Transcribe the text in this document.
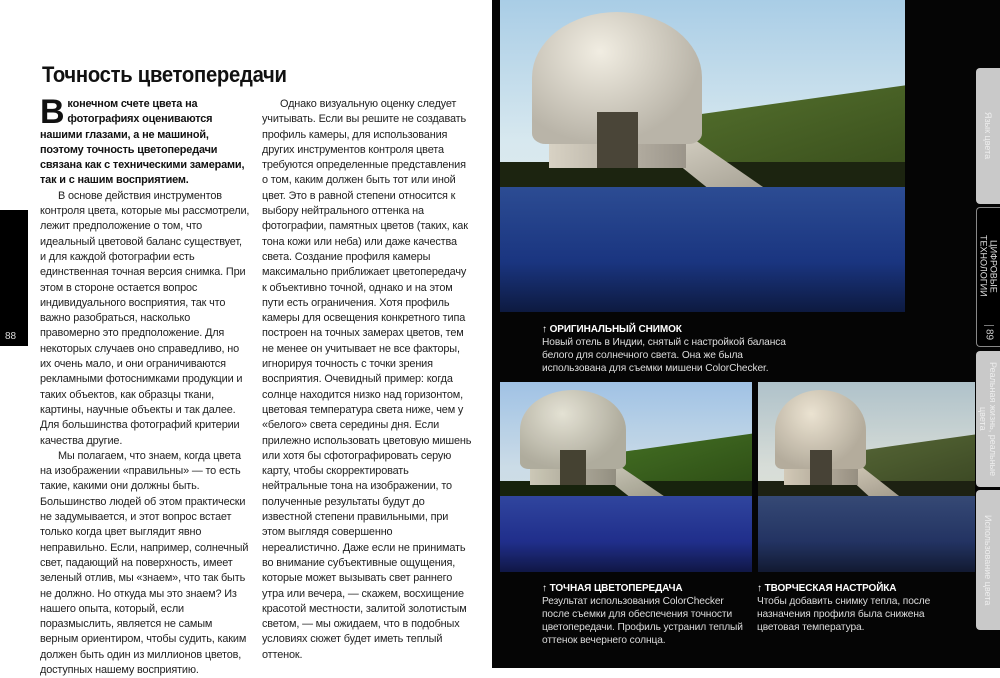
Точность цветопередачи

Вконечном счете цвета на фотографиях оцениваются нашими глазами, а не машиной, поэтому точность цветопередачи связана как с техническими замерами, так и с нашим восприятием.

В основе действия инструментов контроля цвета, которые мы рассмотрели, лежит предположение о том, что идеальный цветовой баланс существует, и для каждой фотографии есть единственная точная версия снимка. При этом в стороне остается вопрос индивидуального восприятия, так что важно разобраться, насколько правомерно это предположение. Для некоторых случаев оно справедливо, но их очень мало, и они ограничиваются рекламными фотоснимками продукции и таких объектов, как образцы ткани, картины, научные объекты и так далее. Для большинства фотографий критерии качества другие.

Мы полагаем, что знаем, когда цвета на изображении «правильны» — то есть такие, какими они должны быть. Большинство людей об этом практически не задумывается, и этот вопрос встает только когда цвет выглядит явно неправильно. Если, например, солнечный свет, падающий на поверхность, имеет зеленый отлив, мы «знаем», что так быть не должно. Но откуда мы это знаем? Из нашего опыта, который, если поразмыслить, является не самым верным ориентиром, чтобы судить, каким должен быть один из миллионов цветов, доступных нашему восприятию.

Однако визуальную оценку следует учитывать. Если вы решите не создавать профиль камеры, для использования других инструментов контроля цвета требуются определенные представления о том, каким должен быть тот или иной цвет. Это в равной степени относится к выбору нейтрального оттенка на фотографии, памятных цветов (таких, как тона кожи или неба) или даже качества света. Создание профиля камеры максимально приближает цветопередачу к объективно точной, однако и на этом пути есть ограничения. Хотя профиль камеры для освещения конкретного типа построен на точных замерах цветов, тем не менее он учитывает не все факторы, игнорируя точность с точки зрения восприятия. Очевидный пример: когда солнце находится низко над горизонтом, цветовая температура света ниже, чем у «белого» света середины дня. Если прилежно использовать цветовую мишень или хотя бы сфотографировать серую карту, чтобы скорректировать нейтральные тона на изображении, то полученные результаты будут до известной степени правильными, при этом выглядя совершенно нереалистично. Даже если не принимать во внимание субъективные ощущения, которые может вызывать свет раннего утра или вечера, — скажем, восхищение красотой местности, залитой золотистым светом, — мы ожидаем, что в подобных условиях сюжет будет иметь теплый оттенок.

88
↑ ОРИГИНАЛЬНЫЙ СНИМОК
Новый отель в Индии, снятый с настройкой баланса белого для солнечного света. Она же была использована для съемки мишени ColorChecker.
↑ ТОЧНАЯ ЦВЕТОПЕРЕДАЧА
Результат использования ColorChecker после съемки для обеспечения точности цветопередачи. Профиль устранил теплый оттенок вечернего солнца.
↑ ТВОРЧЕСКАЯ НАСТРОЙКА
Чтобы добавить снимку тепла, после назначения профиля была снижена цветовая температура.
Язык цвета
ЦИФРОВЫЕ ТЕХНОЛОГИИ
89
Реальная жизнь, реальные цвета
Использование цвета
